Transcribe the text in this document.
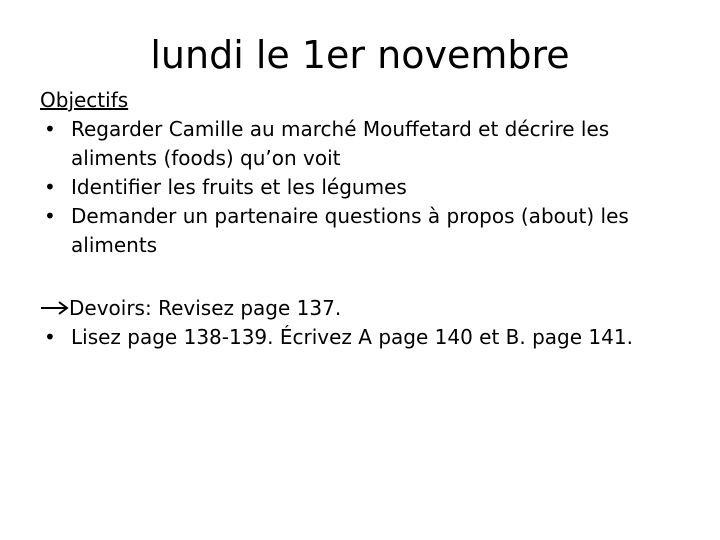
lundi le 1er novembre
Objectifs
• Regarder Camille au marché Mouffetard et décrire les aliments (foods) qu’on voit
• Identifier les fruits et les légumes
• Demander un partenaire questions à propos (about) les aliments
Devoirs: Revisez page 137.
• Lisez page 138-139. Écrivez A page 140 et B. page 141.
